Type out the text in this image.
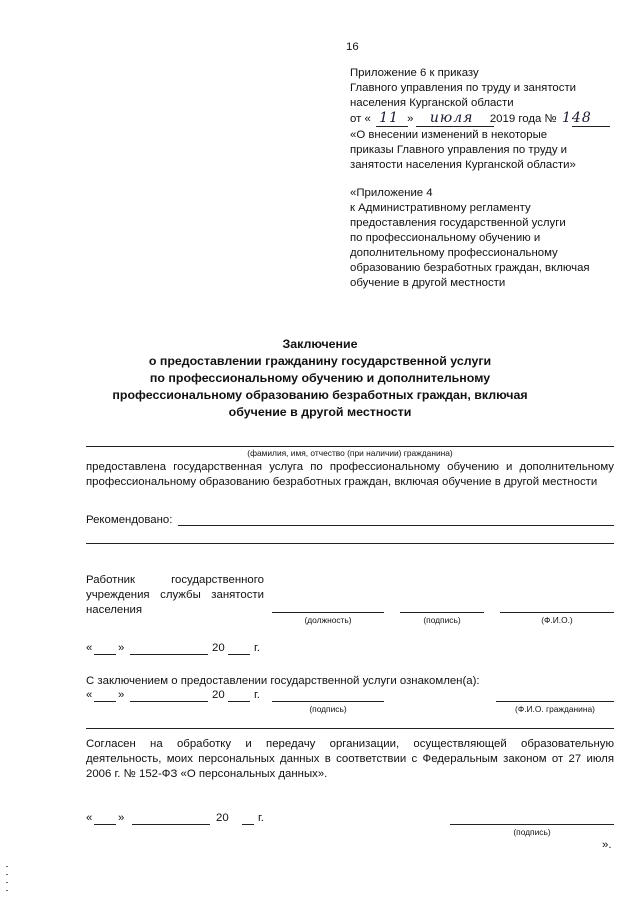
16
Приложение 6 к приказу
Главного управления по труду и занятости
населения Курганской области
от « 11 » июля 2019 года № 148
«О внесении изменений в некоторые
приказы Главного управления по труду и
занятости населения Курганской области»
«Приложение 4
к Административному регламенту
предоставления государственной услуги
по профессиональному обучению и
дополнительному профессиональному
образованию безработных граждан, включая
обучение в другой местности
Заключение
о предоставлении гражданину государственной услуги
по профессиональному обучению и дополнительному
профессиональному образованию безработных граждан, включая
обучение в другой местности
(фамилия, имя, отчество (при наличии) гражданина)
предоставлена государственная услуга по профессиональному обучению и дополнительному
профессиональному образованию безработных граждан, включая обучение в другой местности
Рекомендовано:
Работник государственного
учреждения службы занятости
населения
(должность)	(подпись)	(Ф.И.О.)
« »	20	г.
С заключением о предоставлении государственной услуги ознакомлен(а):
« »	20	г.
(подпись)	(Ф.И.О. гражданина)
Согласен на обработку и передачу организации, осуществляющей образовательную
деятельность, моих персональных данных в соответствии с Федеральным законом от 27 июля
2006 г. № 152-ФЗ «О персональных данных».
« »	20	г.
(подпись)
».
